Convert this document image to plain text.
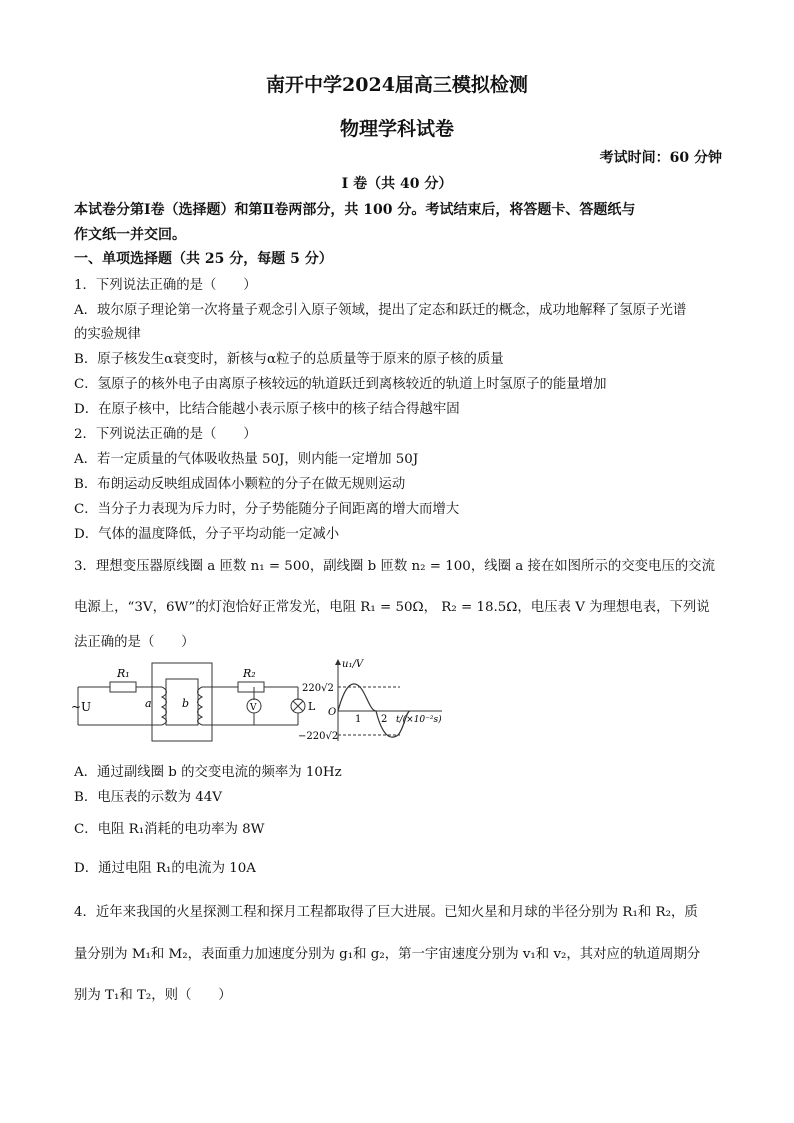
南开中学2024届高三模拟检测
物理学科试卷
考试时间：60 分钟
I 卷（共 40 分）
本试卷分第Ⅰ卷（选择题）和第Ⅱ卷两部分，共 100 分。考试结束后，将答题卡、答题纸与
作文纸一并交回。
一、单项选择题（共 25 分，每题 5 分）
1．下列说法正确的是（　　）
A．玻尔原子理论第一次将量子观念引入原子领域，提出了定态和跃迁的概念，成功地解释了氢原子光谱
的实验规律
B．原子核发生α衰变时，新核与α粒子的总质量等于原来的原子核的质量
C．氢原子的核外电子由离原子核较远的轨道跃迁到离核较近的轨道上时氢原子的能量增加
D．在原子核中，比结合能越小表示原子核中的核子结合得越牢固
2．下列说法正确的是（　　）
A．若一定质量的气体吸收热量 50J，则内能一定增加 50J
B．布朗运动反映组成固体小颗粒的分子在做无规则运动
C．当分子力表现为斥力时，分子势能随分子间距离的增大而增大
D．气体的温度降低，分子平均动能一定减小
3．理想变压器原线圈 a 匝数 n₁ = 500，副线圈 b 匝数 n₂ = 100，线圈 a 接在如图所示的交变电压的交流
电源上，“3V，6W”的灯泡恰好正常发光，电阻 R₁ = 50Ω， R₂ = 18.5Ω，电压表 V 为理想电表，下列说
法正确的是（　　）
~U
R₁
a	b
R₂
V	L
u₁/V
220√2
−220√2
O
1 2 t/(×10⁻²s)
A．通过副线圈 b 的交变电流的频率为 10Hz
B．电压表的示数为 44V
C．电阻 R₁消耗的电功率为 8W
D．通过电阻 R₁的电流为 10A
4．近年来我国的火星探测工程和探月工程都取得了巨大进展。已知火星和月球的半径分别为 R₁和 R₂，质
量分别为 M₁和 M₂，表面重力加速度分别为 g₁和 g₂，第一宇宙速度分别为 v₁和 v₂，其对应的轨道周期分
别为 T₁和 T₂，则（　　）
